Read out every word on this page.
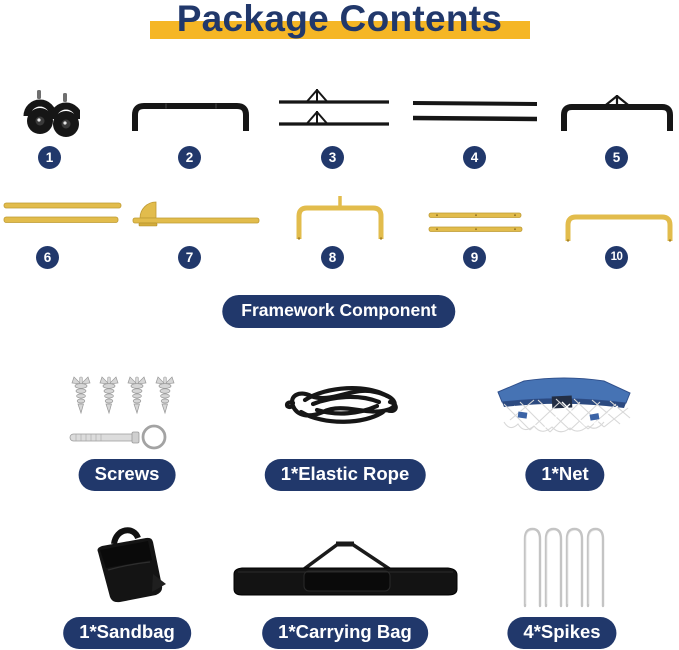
Package Contents
1	2	3	4	5
6	7	8	9	10
Framework Component
Screws	1*Elastic Rope	1*Net
1*Sandbag	1*Carrying Bag	4*Spikes
